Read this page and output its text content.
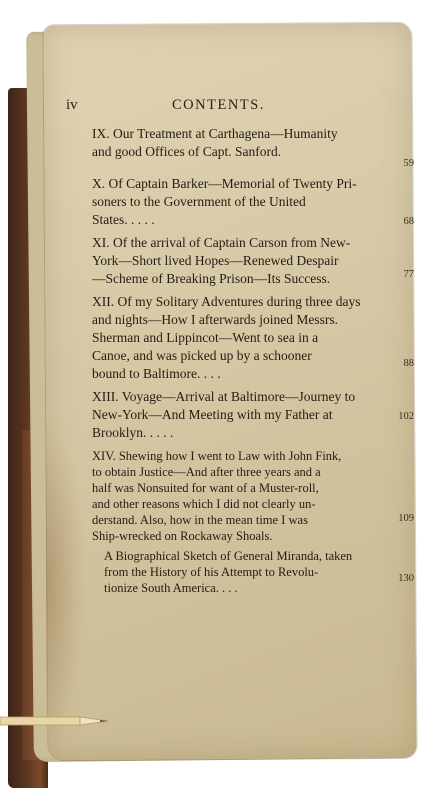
iv	CONTENTS.
IX. Our Treatment at Carthagena—Humanity
and good Offices of Capt. Sanford.
59
X. Of Captain Barker—Memorial of Twenty Pri-
soners to the Government of the United
States. . . . .	68
XI. Of the arrival of Captain Carson from New-
York—Short lived Hopes—Renewed Despair
—Scheme of Breaking Prison—Its Success.	77
XII. Of my Solitary Adventures during three days
and nights—How I afterwards joined Messrs.
Sherman and Lippincot—Went to sea in a
Canoe, and was picked up by a schooner
bound to Baltimore. . . .
88
XIII. Voyage—Arrival at Baltimore—Journey to
New-York—And Meeting with my Father at
Brooklyn. . . . .
102
XIV. Shewing how I went to Law with John Fink,
to obtain Justice—And after three years and a
half was Nonsuited for want of a Muster-roll,
and other reasons which I did not clearly un-
derstand. Also, how in the mean time I was
Ship-wrecked on Rockaway Shoals.
109
A Biographical Sketch of General Miranda, taken
from the History of his Attempt to Revolu-
tionize South America. . . .
130
